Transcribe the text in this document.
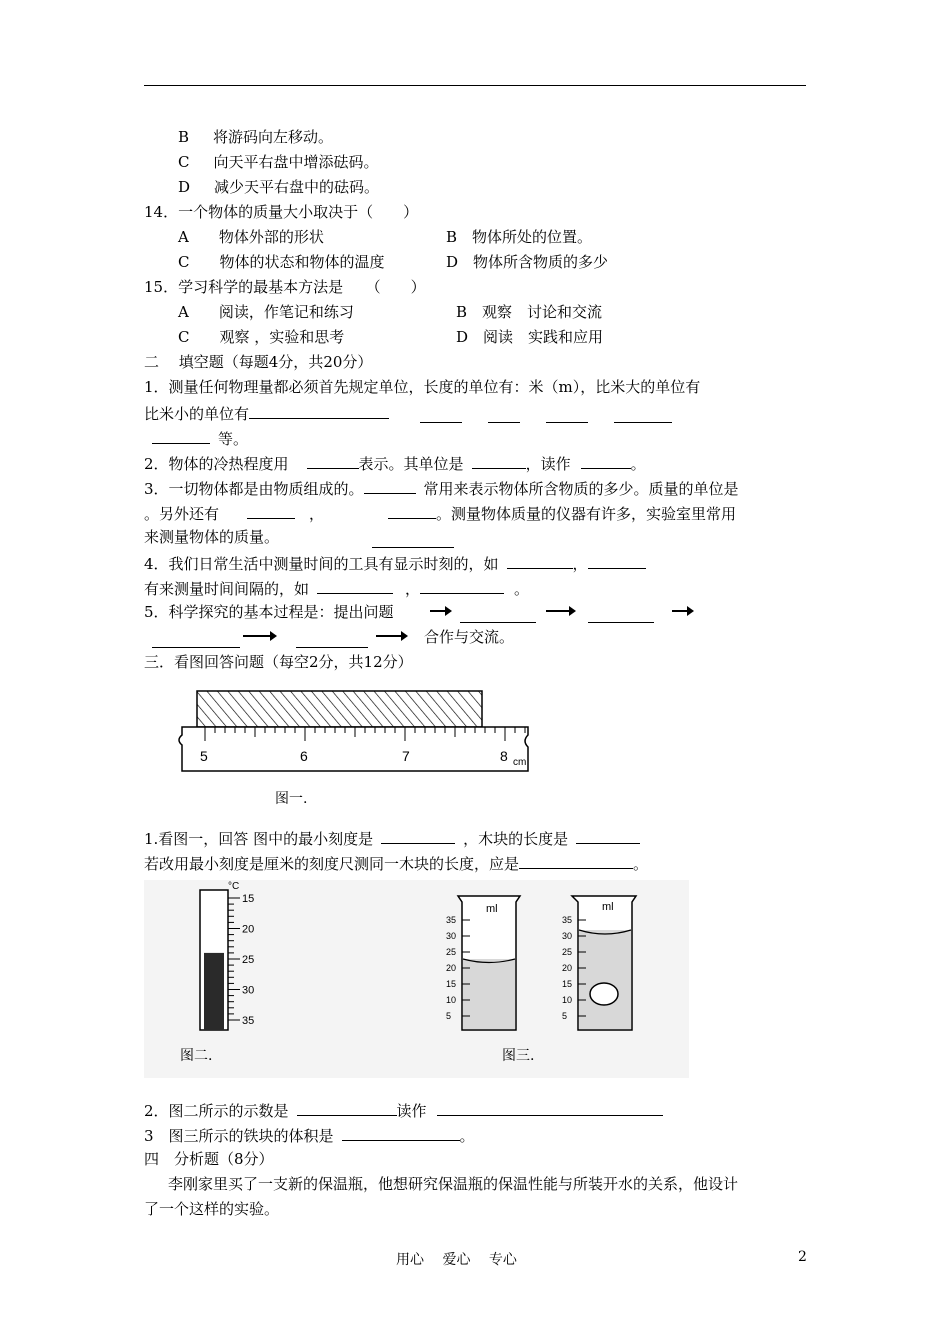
B 将游码向左移动。
C 向天平右盘中增添砝码。
D 减少天平右盘中的砝码。
14．一个物体的质量大小取决于（　　）
A　　物体外部的形状	B　物体所处的位置。
C　　物体的状态和物体的温度	D　物体所含物质的多少
15．学习科学的最基本方法是　　（　　）
A　　阅读，作笔记和练习	B　观察　讨论和交流
C　　观察 ，实验和思考	D　阅读　实践和应用
二　 填空题（每题4分，共20分）
1．测量任何物理量都必须首先规定单位，长度的单位有：米（m），比米大的单位有
比米小的单位有
等。
2．物体的冷热程度用	表示。其单位是	，读作	。
3．一切物体都是由物质组成的。	常用来表示物体所含物质的多少。质量的单位是
。另外还有	，	。测量物体质量的仪器有许多，实验室里常用
来测量物体的质量。
4．我们日常生活中测量时间的工具有显示时刻的，如	，
有来测量时间间隔的，如	，	。
5．科学探究的基本过程是：提出问题
合作与交流。
三．看图回答问题（每空2分，共12分）
5	6	7	8 cm
图一.
1.看图一，回答 图中的最小刻度是	，木块的长度是
若改用最小刻度是厘米的刻度尺测同一木块的长度，应是	。
15
20
25
30
35
°C
图二.
ml
35
30
25
20
15
10
5
ml
35
30
25
20
15
10
5
图三.
2．图二所示的示数是	读作
3　图三所示的铁块的体积是	。
四　分析题（8分）
李刚家里买了一支新的保温瓶，他想研究保温瓶的保温性能与所装开水的关系，他设计
了一个这样的实验。
用心　 爱心　 专心	2
